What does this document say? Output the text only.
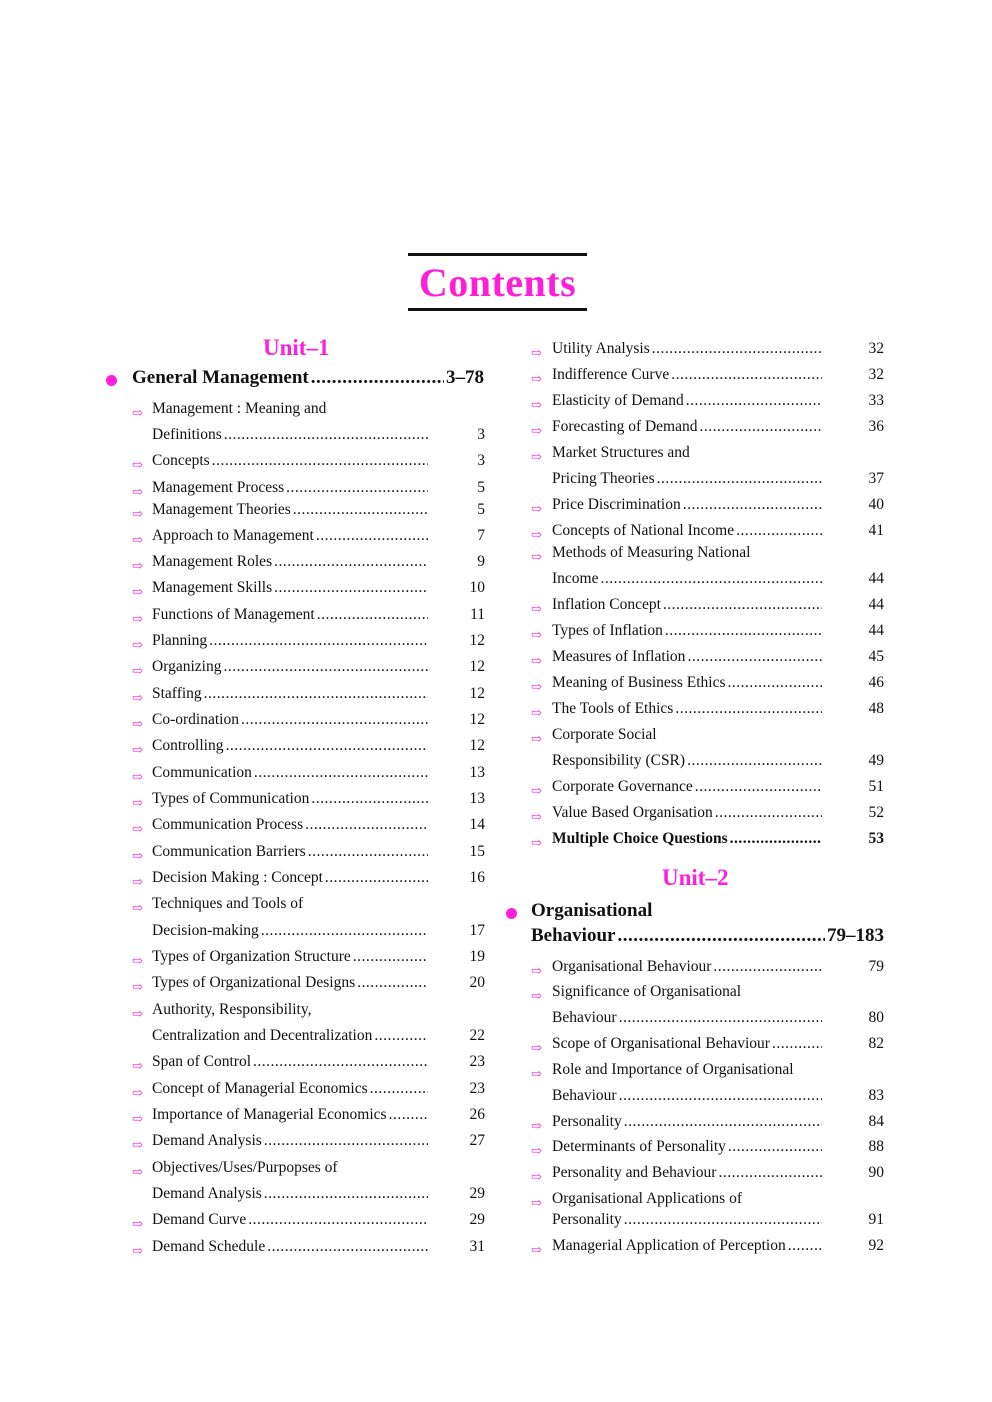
Contents
Unit–1
General Management .....	3–78
⇨ Management : Meaning and
Definitions .....	3
⇨ Concepts .....	3
⇨ Management Process .....	5
⇨ Management Theories .....	5
⇨ Approach to Management .....	7
⇨ Management Roles .....	9
⇨ Management Skills .....	10
⇨ Functions of Management .....	11
⇨ Planning .....	12
⇨ Organizing .....	12
⇨ Staffing .....	12
⇨ Co-ordination .....	12
⇨ Controlling .....	12
⇨ Communication .....	13
⇨ Types of Communication .....	13
⇨ Communication Process .....	14
⇨ Communication Barriers .....	15
⇨ Decision Making : Concept .....	16
⇨ Techniques and Tools of
Decision-making .....	17
⇨ Types of Organization Structure .....	19
⇨ Types of Organizational Designs .....	20
⇨ Authority, Responsibility,
Centralization and Decentralization .....	22
⇨ Span of Control .....	23
⇨ Concept of Managerial Economics .....	23
⇨ Importance of Managerial Economics .....	26
⇨ Demand Analysis .....	27
⇨ Objectives/Uses/Purpopses of
Demand Analysis .....	29
⇨ Demand Curve .....	29
⇨ Demand Schedule .....	31
Unit–2
Organisational
Behaviour .....	79–183
⇨ Utility Analysis .....	32
⇨ Indifference Curve .....	32
⇨ Elasticity of Demand .....	33
⇨ Forecasting of Demand .....	36
⇨ Market Structures and
Pricing Theories .....	37
⇨ Price Discrimination .....	40
⇨ Concepts of National Income .....	41
⇨ Methods of Measuring National
Income .....	44
⇨ Inflation Concept .....	44
⇨ Types of Inflation .....	44
⇨ Measures of Inflation .....	45
⇨ Meaning of Business Ethics .....	46
⇨ The Tools of Ethics .....	48
⇨ Corporate Social
Responsibility (CSR) .....	49
⇨ Corporate Governance .....	51
⇨ Value Based Organisation .....	52
⇨ Multiple Choice Questions .....	53
⇨ Organisational Behaviour .....	79
⇨ Significance of Organisational
Behaviour .....	80
⇨ Scope of Organisational Behaviour .....	82
⇨ Role and Importance of Organisational
Behaviour .....	83
⇨ Personality .....	84
⇨ Determinants of Personality .....	88
⇨ Personality and Behaviour .....	90
⇨ Organisational Applications of
Personality .....	91
⇨ Managerial Application of Perception .....	92
